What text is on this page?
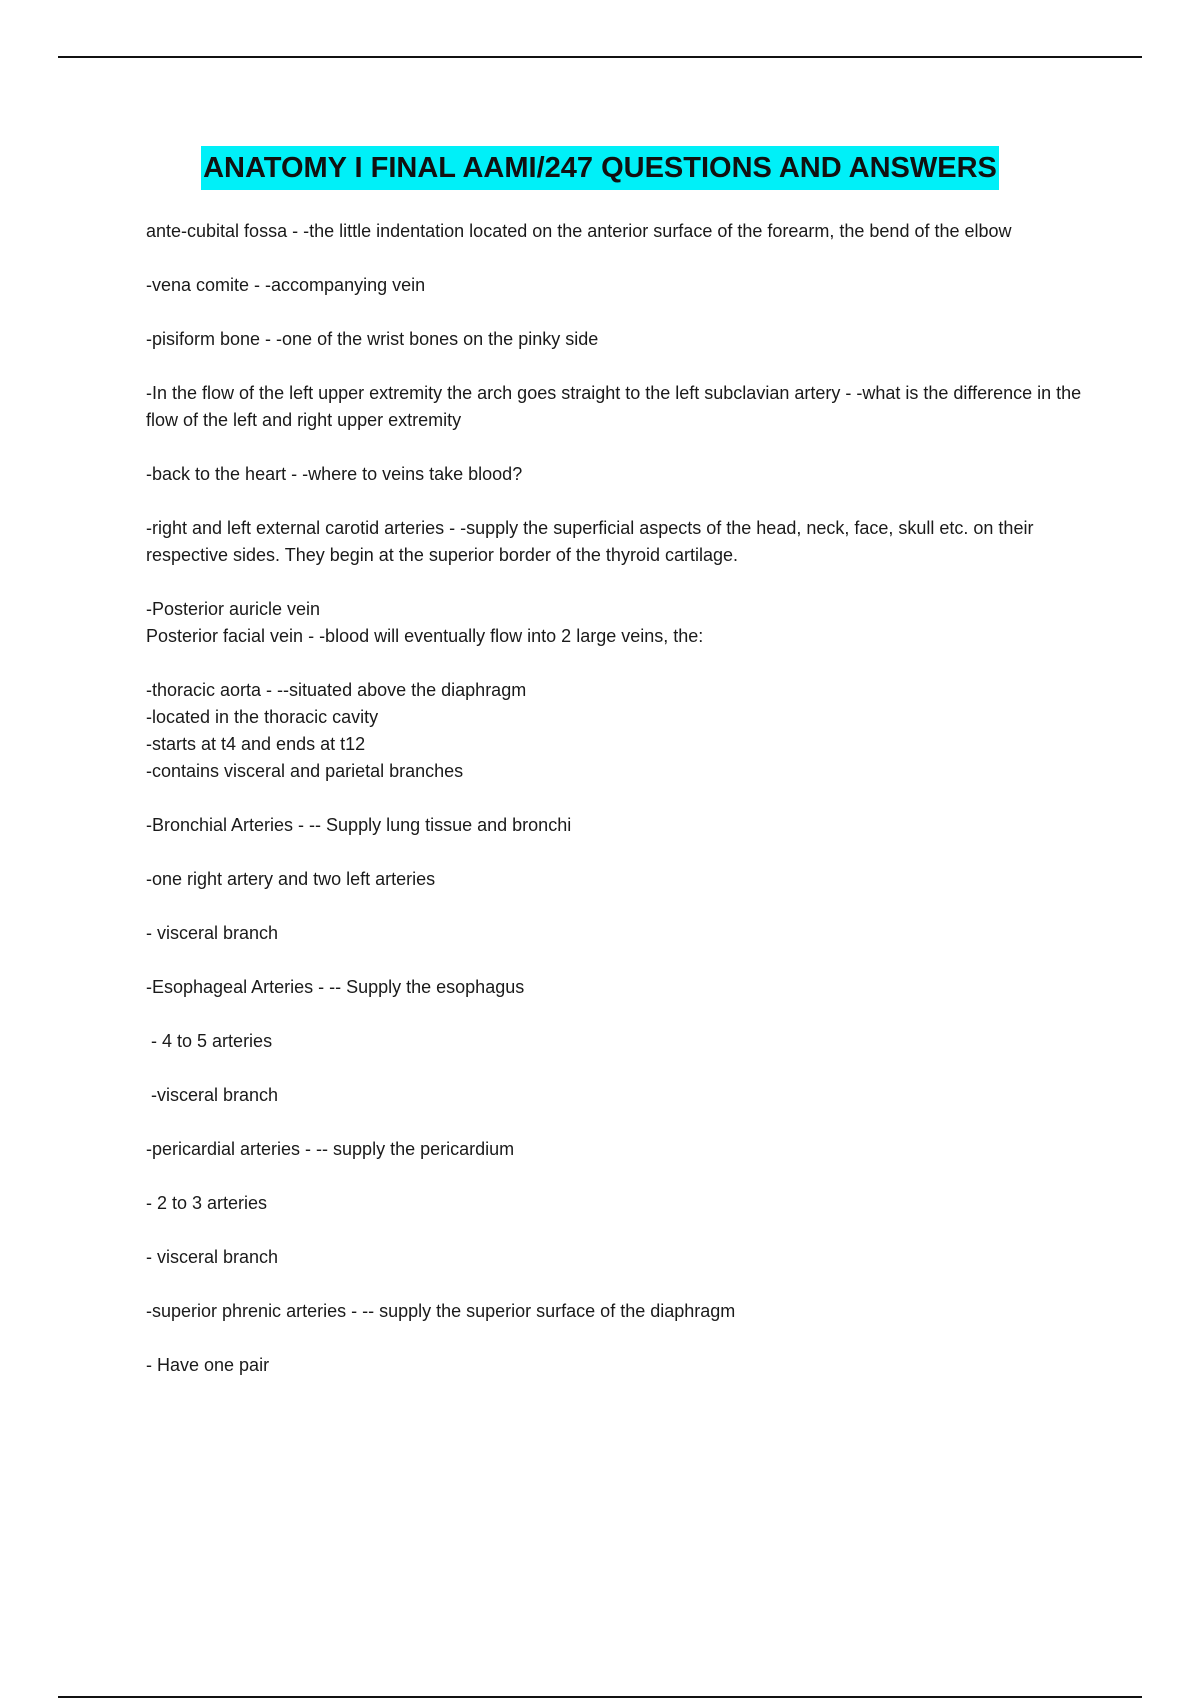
ANATOMY I FINAL AAMI/247 QUESTIONS AND ANSWERS
ante-cubital fossa - -the little indentation located on the anterior surface of the forearm, the bend of the elbow
-vena comite - -accompanying vein
-pisiform bone - -one of the wrist bones on the pinky side
-In the flow of the left upper extremity the arch goes straight to the left subclavian artery - -what is the difference in the flow of the left and right upper extremity
-back to the heart - -where to veins take blood?
-right and left external carotid arteries - -supply the superficial aspects of the head, neck, face, skull etc. on their respective sides. They begin at the superior border of the thyroid cartilage.
-Posterior auricle vein
Posterior facial vein - -blood will eventually flow into 2 large veins, the:
-thoracic aorta - --situated above the diaphragm
-located in the thoracic cavity
-starts at t4 and ends at t12
-contains visceral and parietal branches
-Bronchial Arteries - -- Supply lung tissue and bronchi
-one right artery and two left arteries
- visceral branch
-Esophageal Arteries - -- Supply the esophagus
- 4 to 5 arteries
-visceral branch
-pericardial arteries - -- supply the pericardium
- 2 to 3 arteries
- visceral branch
-superior phrenic arteries - -- supply the superior surface of the diaphragm
- Have one pair
